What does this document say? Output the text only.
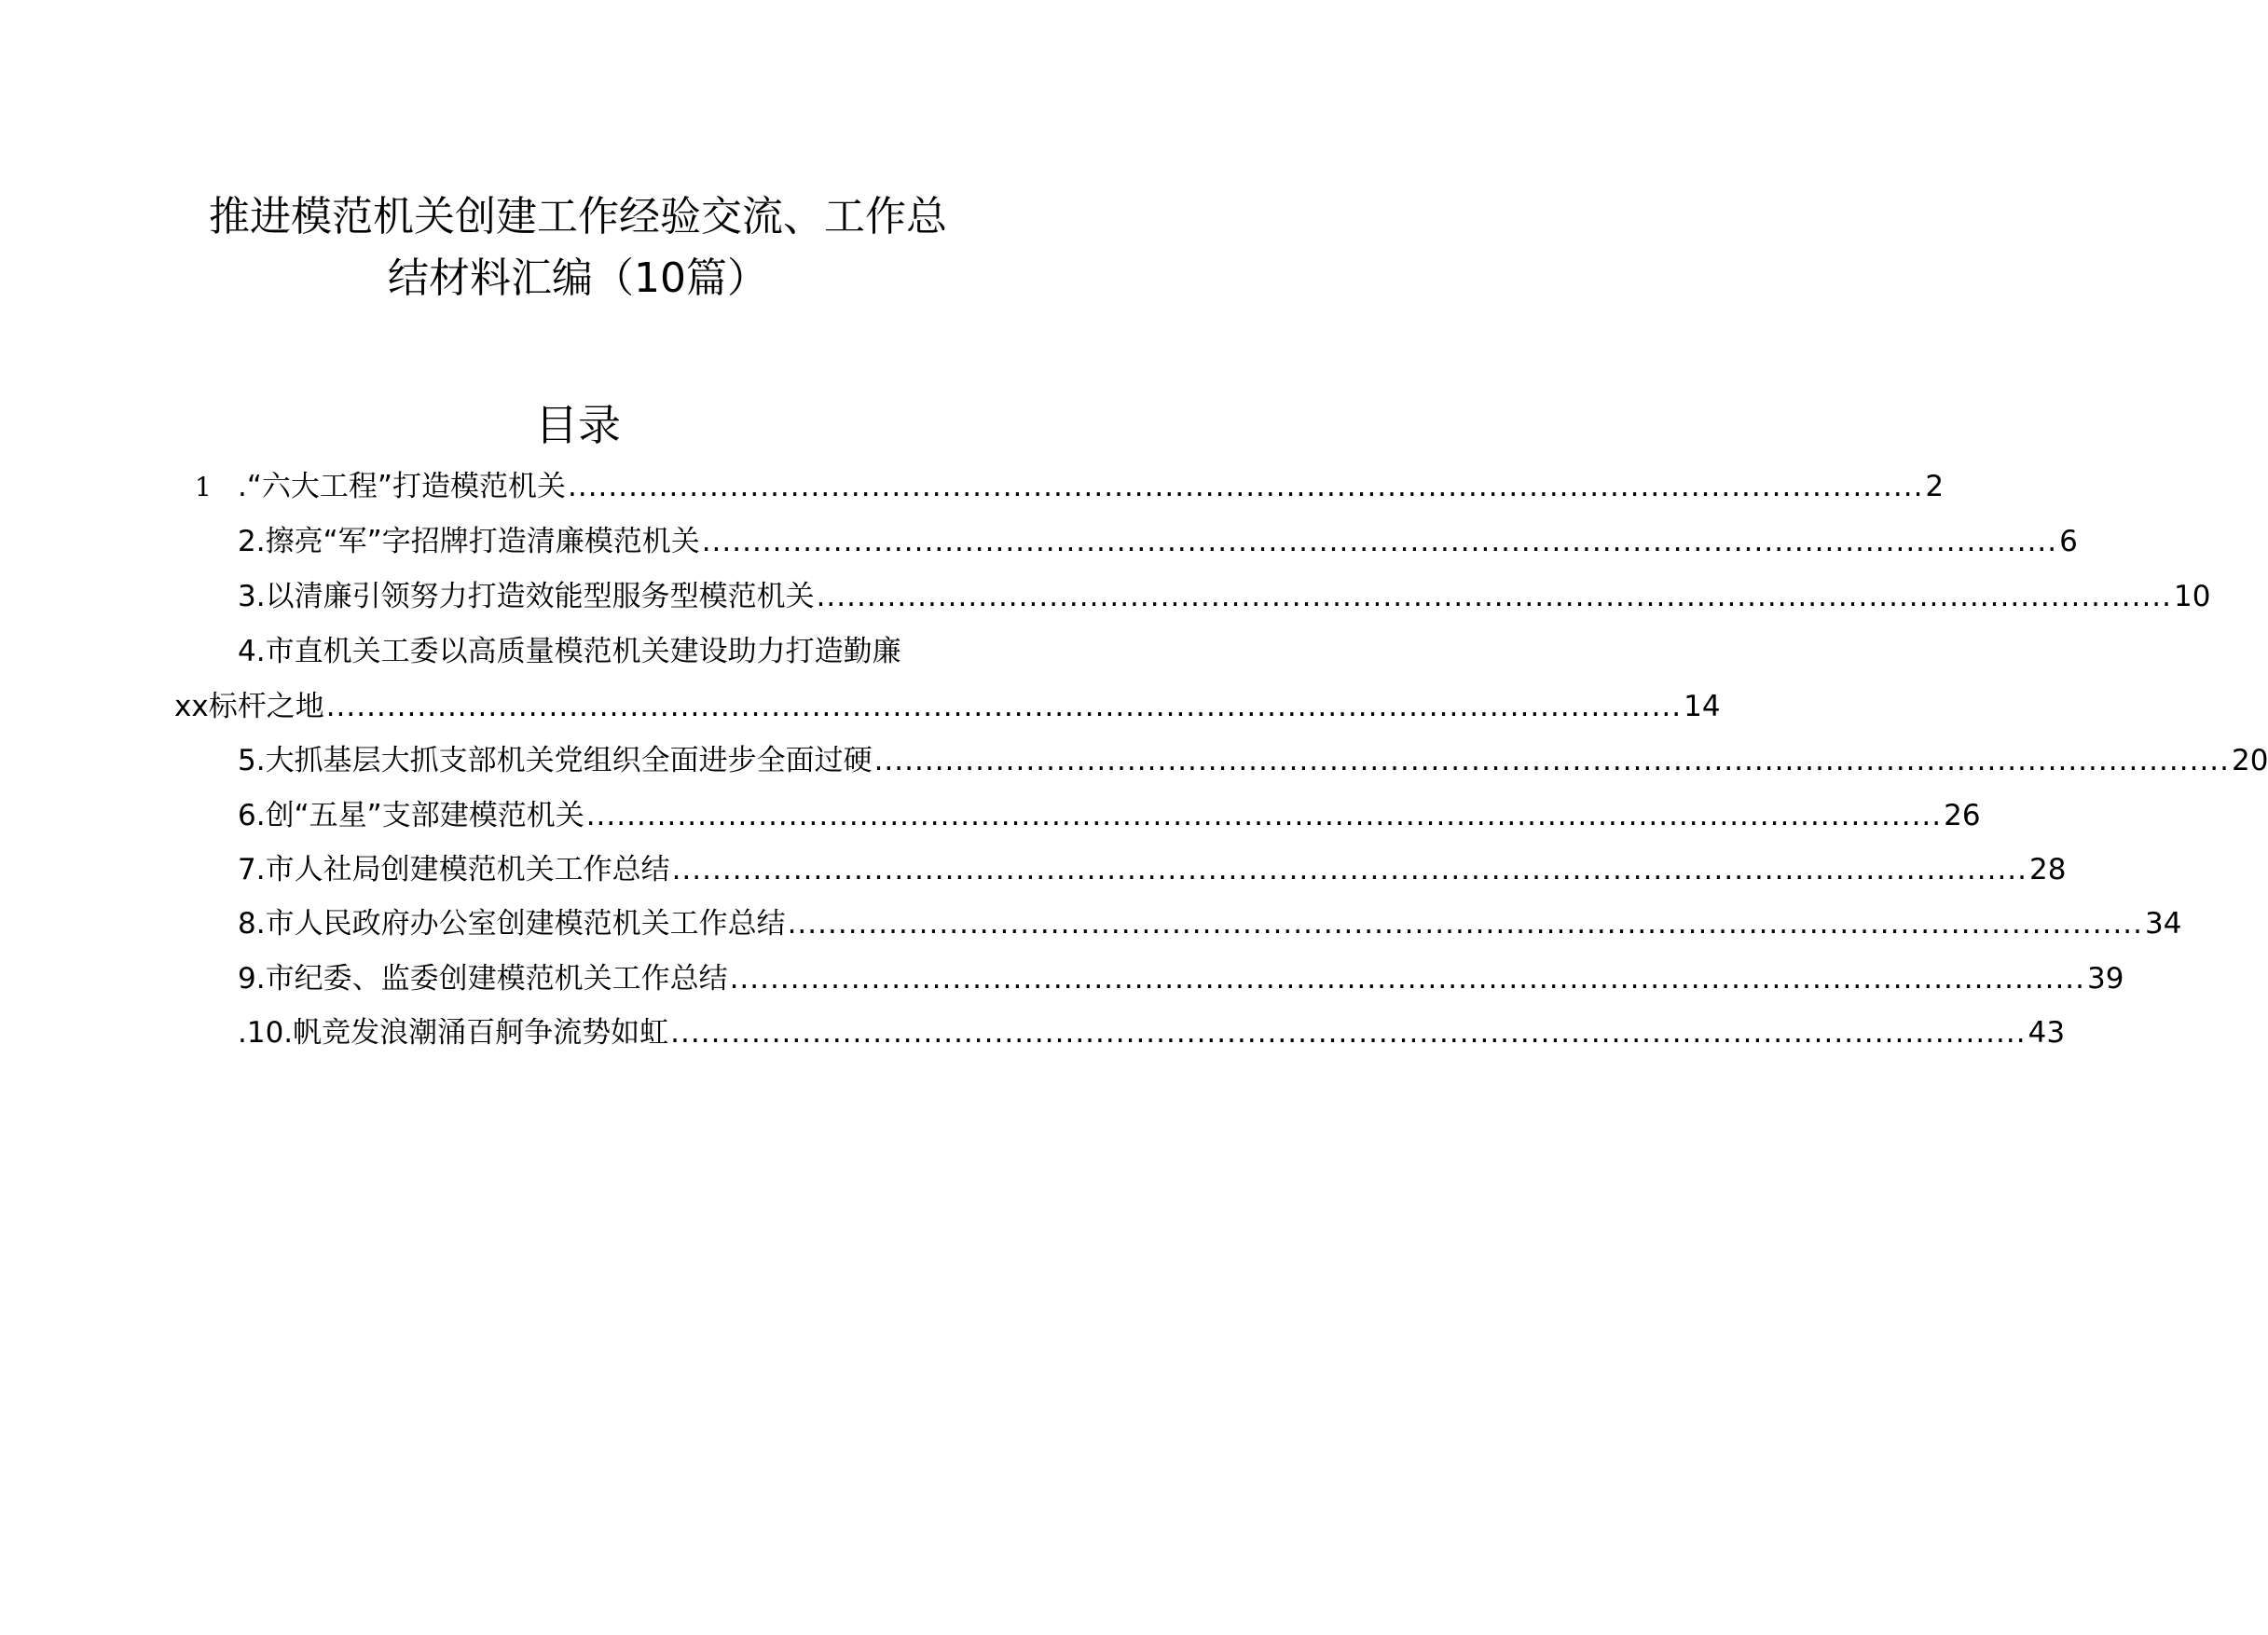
推进模范机关创建工作经验交流、工作总
结材料汇编（10篇）
目录
1 .“六大工程”打造模范机关 ...................................................................................................................................... 2
2.擦亮“军”字招牌打造清廉模范机关 ...................................................................................................................................... 6
3.以清廉引领努力打造效能型服务型模范机关 ...................................................................................................................................... 10
4.市直机关工委以高质量模范机关建设助力打造勤廉
xx标杆之地 ...................................................................................................................................... 14
5.大抓基层大抓支部机关党组织全面进步全面过硬 ...................................................................................................................................... 20
6.创“五星”支部建模范机关 ...................................................................................................................................... 26
7.市人社局创建模范机关工作总结 ...................................................................................................................................... 28
8.市人民政府办公室创建模范机关工作总结 ...................................................................................................................................... 34
9.市纪委、监委创建模范机关工作总结 ...................................................................................................................................... 39
.10.帆竞发浪潮涌百舸争流势如虹 ...................................................................................................................................... 43
